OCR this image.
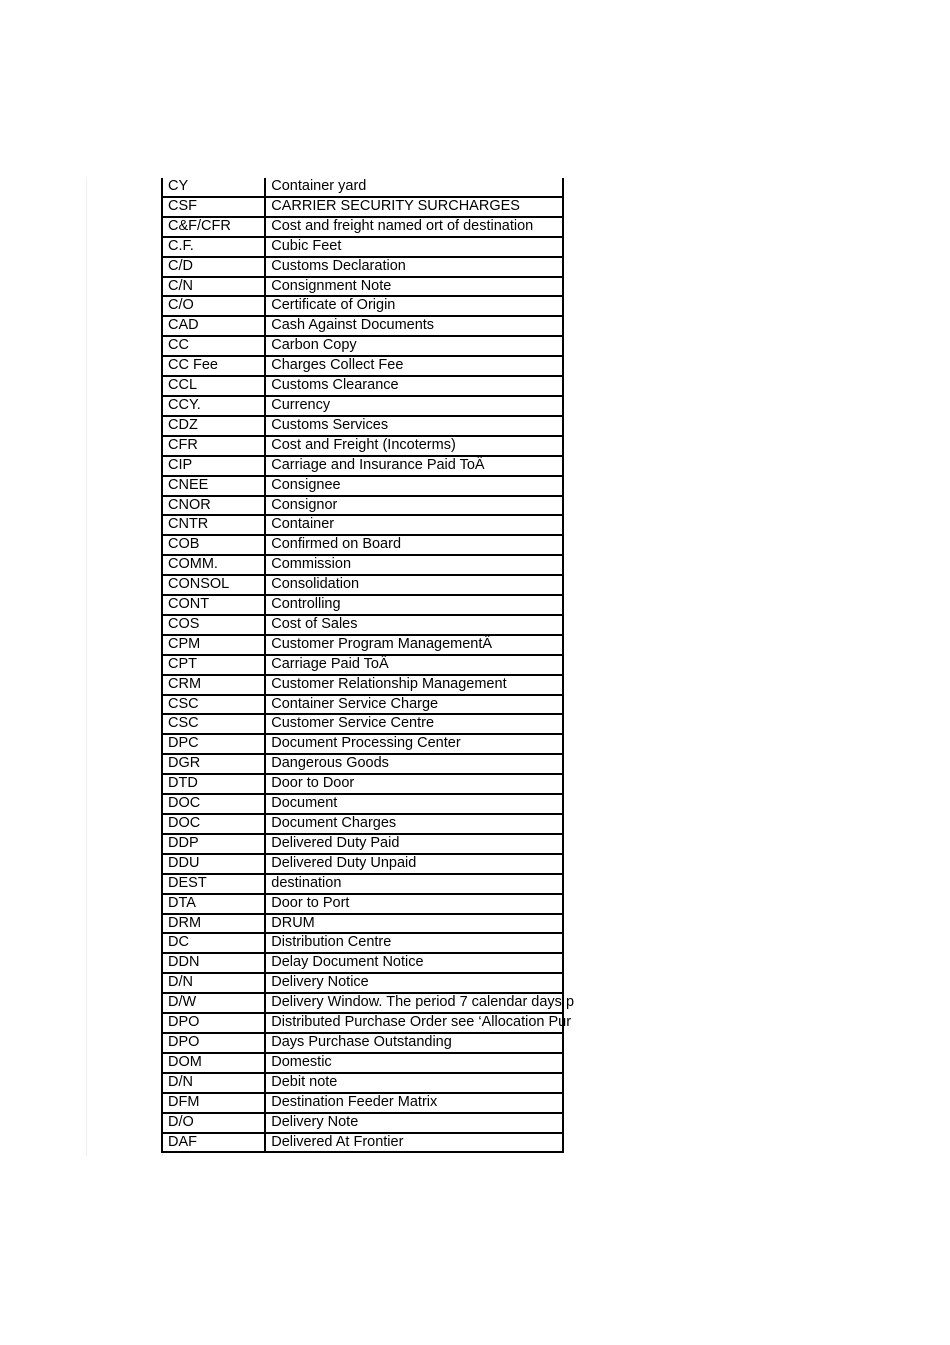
CY	Container yard
CSF	CARRIER SECURITY SURCHARGES
C&F/CFR	Cost and freight named ort of destination
C.F.	Cubic Feet
C/D	Customs Declaration
C/N	Consignment Note
C/O	Certificate of Origin
CAD	Cash Against Documents
CC	Carbon Copy
CC Fee	Charges Collect Fee
CCL	Customs Clearance
CCY.	Currency
CDZ	Customs Services
CFR	Cost and Freight (Incoterms)
CIP	Carriage and Insurance Paid ToÂ
CNEE	Consignee
CNOR	Consignor
CNTR	Container
COB	Confirmed on Board
COMM.	Commission
CONSOL	Consolidation
CONT	Controlling
COS	Cost of Sales
CPM	Customer Program ManagementÂ
CPT	Carriage Paid ToÂ
CRM	Customer Relationship Management
CSC	Container Service Charge
CSC	Customer Service Centre
DPC	Document Processing Center
DGR	Dangerous Goods
DTD	Door to Door
DOC	Document
DOC	Document Charges
DDP	Delivered Duty Paid
DDU	Delivered Duty Unpaid
DEST	destination
DTA	Door to Port
DRM	DRUM
DC	Distribution Centre
DDN	Delay Document Notice
D/N	Delivery Notice
D/W	Delivery Window. The period 7 calendar days p
DPO	Distributed Purchase Order see ‘Allocation Pur
DPO	Days Purchase Outstanding
DOM	Domestic
D/N	Debit note
DFM	Destination Feeder Matrix
D/O	Delivery Note
DAF	Delivered At Frontier
